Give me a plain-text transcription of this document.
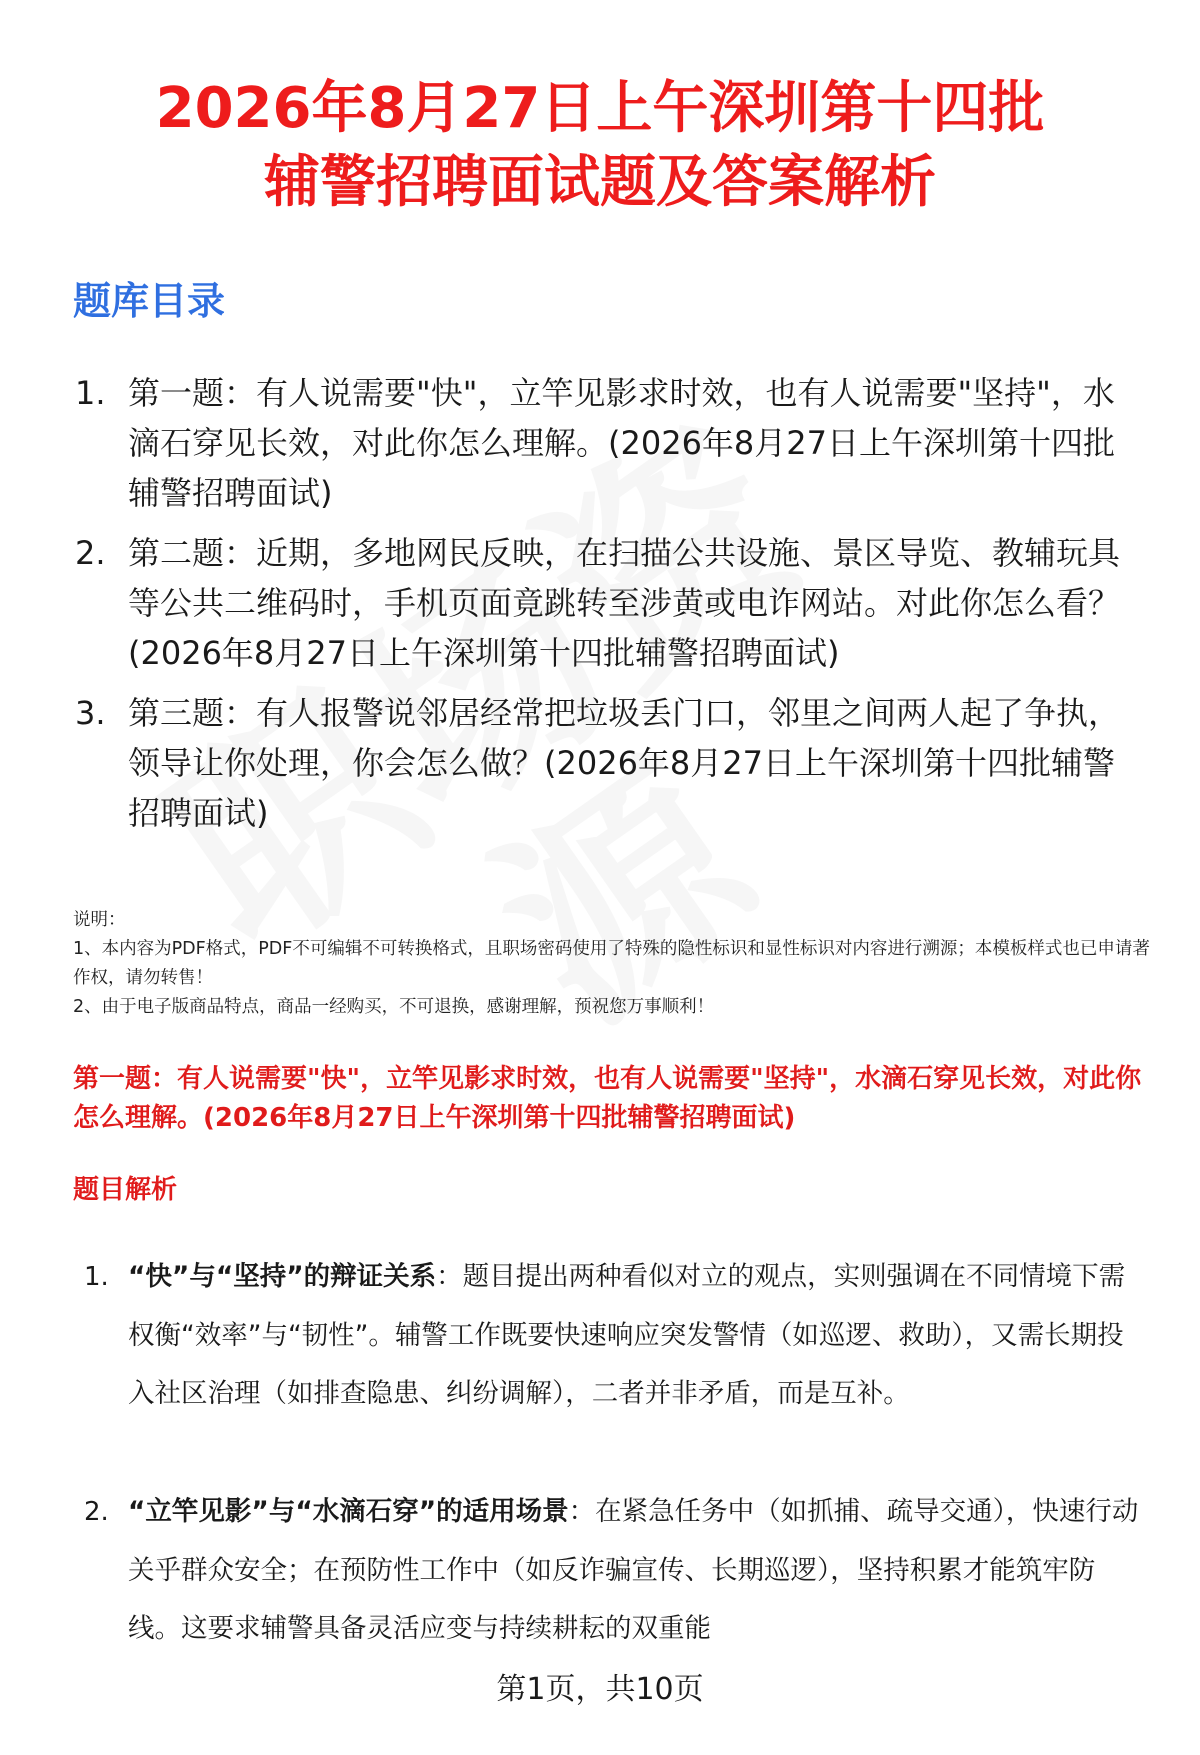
2026年8月27日上午深圳第十四批
辅警招聘面试题及答案解析
题库目录
1. 第一题：有人说需要"快"，立竿见影求时效，也有人说需要"坚持"，水滴石穿见长效，对此你怎么理解。(2026年8月27日上午深圳第十四批辅警招聘面试)
2. 第二题：近期，多地网民反映，在扫描公共设施、景区导览、教辅玩具等公共二维码时，手机页面竟跳转至涉黄或电诈网站。对此你怎么看？(2026年8月27日上午深圳第十四批辅警招聘面试)
3. 第三题：有人报警说邻居经常把垃圾丢门口，邻里之间两人起了争执，领导让你处理，你会怎么做？(2026年8月27日上午深圳第十四批辅警招聘面试)
说明：
1、本内容为PDF格式，PDF不可编辑不可转换格式，且职场密码使用了特殊的隐性标识和显性标识对内容进行溯源；本模板样式也已申请著作权，请勿转售！
2、由于电子版商品特点，商品一经购买，不可退换，感谢理解，预祝您万事顺利！
第一题：有人说需要"快"，立竿见影求时效，也有人说需要"坚持"，水滴石穿见长效，对此你怎么理解。(2026年8月27日上午深圳第十四批辅警招聘面试)
题目解析
1. “快”与“坚持”的辩证关系：题目提出两种看似对立的观点，实则强调在不同情境下需权衡“效率”与“韧性”。辅警工作既要快速响应突发警情（如巡逻、救助），又需长期投入社区治理（如排查隐患、纠纷调解），二者并非矛盾，而是互补。
2. “立竿见影”与“水滴石穿”的适用场景：在紧急任务中（如抓捕、疏导交通），快速行动关乎群众安全；在预防性工作中（如反诈骗宣传、长期巡逻），坚持积累才能筑牢防线。这要求辅警具备灵活应变与持续耕耘的双重能
第1页，共10页
